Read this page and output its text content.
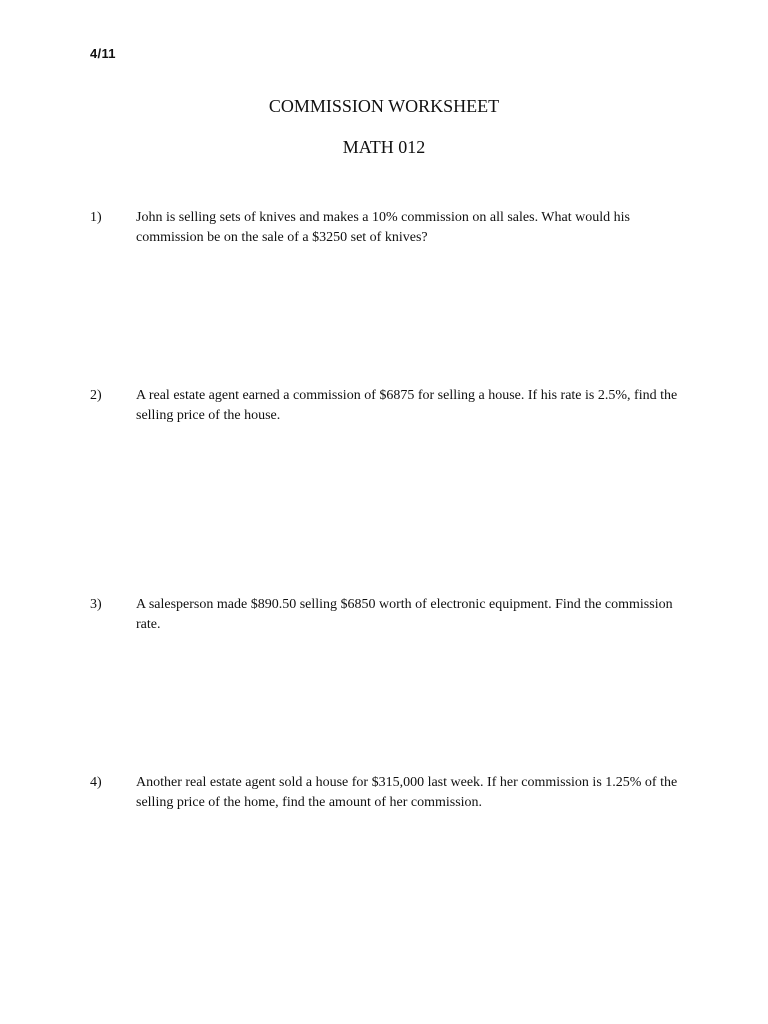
4/11
COMMISSION WORKSHEET
MATH 012
1) John is selling sets of knives and makes a 10% commission on all sales. What would his commission be on the sale of a $3250 set of knives?
2) A real estate agent earned a commission of $6875 for selling a house. If his rate is 2.5%, find the selling price of the house.
3) A salesperson made $890.50 selling $6850 worth of electronic equipment. Find the commission rate.
4) Another real estate agent sold a house for $315,000 last week. If her commission is 1.25% of the selling price of the home, find the amount of her commission.
